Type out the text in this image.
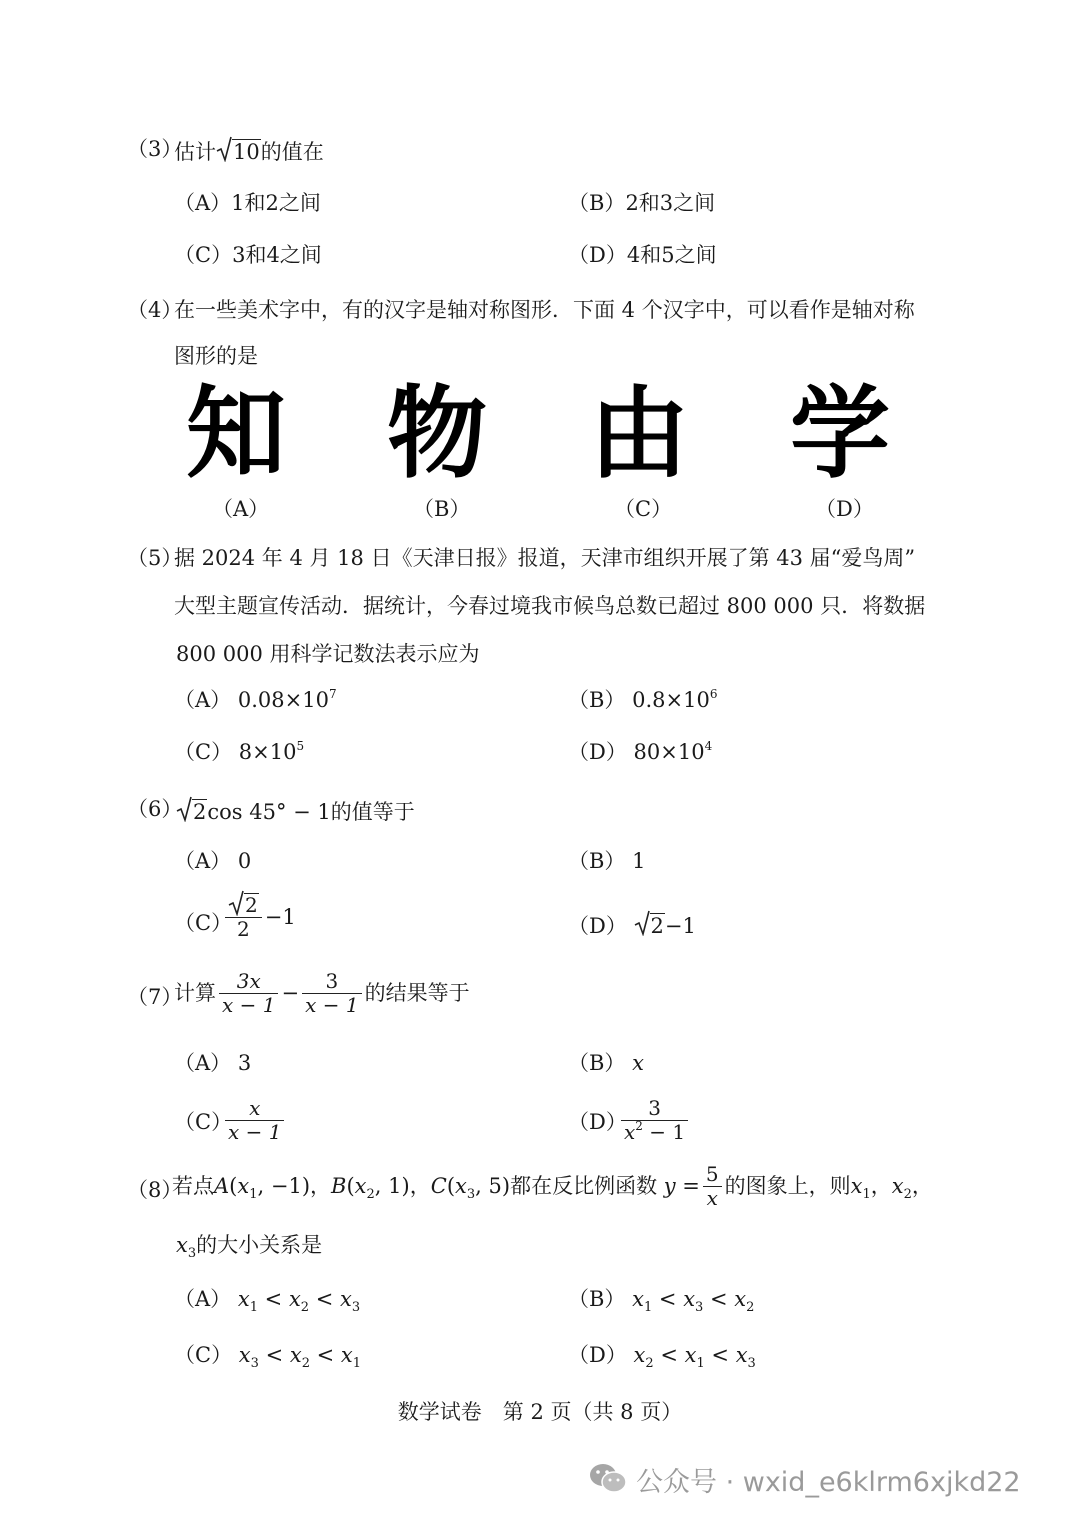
（3）
估计 10的值在
（A）1和2之间	（B）2和3之间
（C）3和4之间	（D）4和5之间
（4）
在一些美术字中，有的汉字是轴对称图形．下面 4 个汉字中，可以看作是轴对称
图形的是
知 物 由 学
（A）	（B）	（C）	（D）
（5）
据 2024 年 4 月 18 日《天津日报》报道，天津市组织开展了第 43 届“爱鸟周”
大型主题宣传活动．据统计，今春过境我市候鸟总数已超过 800 000 只．将数据
800 000 用科学记数法表示应为
（A） $0.08\times 10^7$	（B） $0.8\times 10^6$
（C） $8\times 10^5$	（D） $80\times 10^4$
（6） 2cos 45° − 1的值等于
（A） 0	（B） 1
（C）
$\frac{2}{2} -1$	（D） 2−1
（7）
计算 $\frac{3x}{x - 1} - \frac{3}{x - 1}$ 的结果等于
（A） 3	（B） x
（C）
$\frac{x}{x - 1}$	（D）
$\frac{3}{x^2 - 1}$
（8）
若点$A(x_1$, −1)，$B(x_2$, 1)，$C(x_3$, 5)都在反比例函数 $y = \frac{5}{x}$ 的图象上，则$x_1$，$x_2$，
$x_3$的大小关系是
（A） $x_1 < x_2 < x_3$	（B） $x_1 < x_3 < x_2$
（C） $x_3 < x_2 < x_1$	（D） $x_2 < x_1 < x_3$
数学试卷　第 2 页（共 8 页）
公众号 · wxid_e6klrm6xjkd22
